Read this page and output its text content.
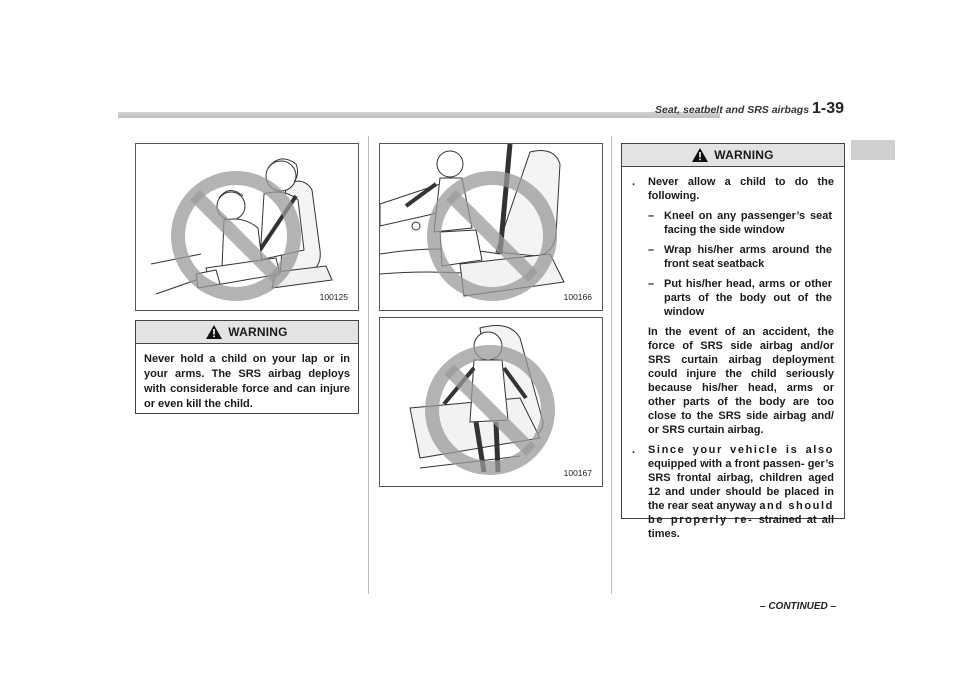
Seat, seatbelt and SRS airbags 1-39
100125
WARNING
Never hold a child on your lap or in your arms. The SRS airbag deploys with considerable force and can injure or even kill the child.
100166
100167
WARNING
. Never allow a child to do the following.
– Kneel on any passenger’s seat facing the side window
– Wrap his/her arms around the front seat seatback
– Put his/her head, arms or other parts of the body out of the window
In the event of an accident, the force of SRS side airbag and/or SRS curtain airbag deployment could injure the child seriously because his/her head, arms or other parts of the body are too close to the SRS side airbag and/ or SRS curtain airbag.
. Since your vehicle is also equipped with a front passen- ger’s SRS frontal airbag, children aged 12 and under should be placed in the rear seat anyway and should be properly re- strained at all times.
– CONTINUED –
